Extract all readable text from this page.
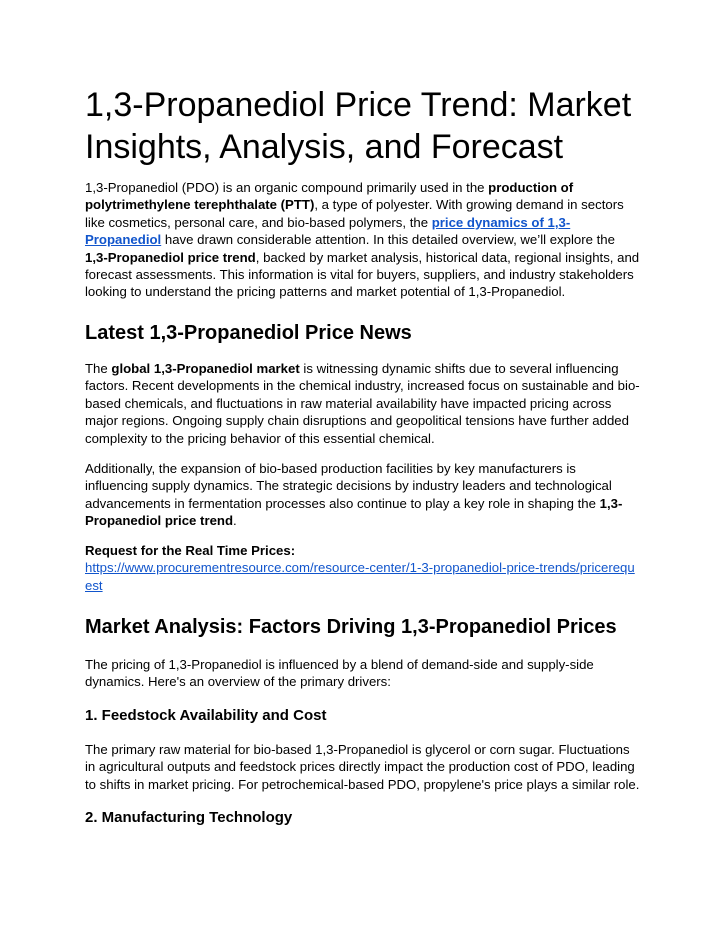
1,3-Propanediol Price Trend: Market Insights, Analysis, and Forecast

1,3-Propanediol (PDO) is an organic compound primarily used in the production of polytrimethylene terephthalate (PTT), a type of polyester. With growing demand in sectors like cosmetics, personal care, and bio-based polymers, the price dynamics of 1,3-Propanediol have drawn considerable attention. In this detailed overview, we’ll explore the 1,3-Propanediol price trend, backed by market analysis, historical data, regional insights, and forecast assessments. This information is vital for buyers, suppliers, and industry stakeholders looking to understand the pricing patterns and market potential of 1,3-Propanediol.

Latest 1,3-Propanediol Price News

The global 1,3-Propanediol market is witnessing dynamic shifts due to several influencing factors. Recent developments in the chemical industry, increased focus on sustainable and bio-based chemicals, and fluctuations in raw material availability have impacted pricing across major regions. Ongoing supply chain disruptions and geopolitical tensions have further added complexity to the pricing behavior of this essential chemical.

Additionally, the expansion of bio-based production facilities by key manufacturers is influencing supply dynamics. The strategic decisions by industry leaders and technological advancements in fermentation processes also continue to play a key role in shaping the 1,3-Propanediol price trend.

Request for the Real Time Prices:
https://www.procurementresource.com/resource-center/1-3-propanediol-price-trends/pricerequest

Market Analysis: Factors Driving 1,3-Propanediol Prices

The pricing of 1,3-Propanediol is influenced by a blend of demand-side and supply-side dynamics. Here's an overview of the primary drivers:

1. Feedstock Availability and Cost

The primary raw material for bio-based 1,3-Propanediol is glycerol or corn sugar. Fluctuations in agricultural outputs and feedstock prices directly impact the production cost of PDO, leading to shifts in market pricing. For petrochemical-based PDO, propylene's price plays a similar role.

2. Manufacturing Technology
